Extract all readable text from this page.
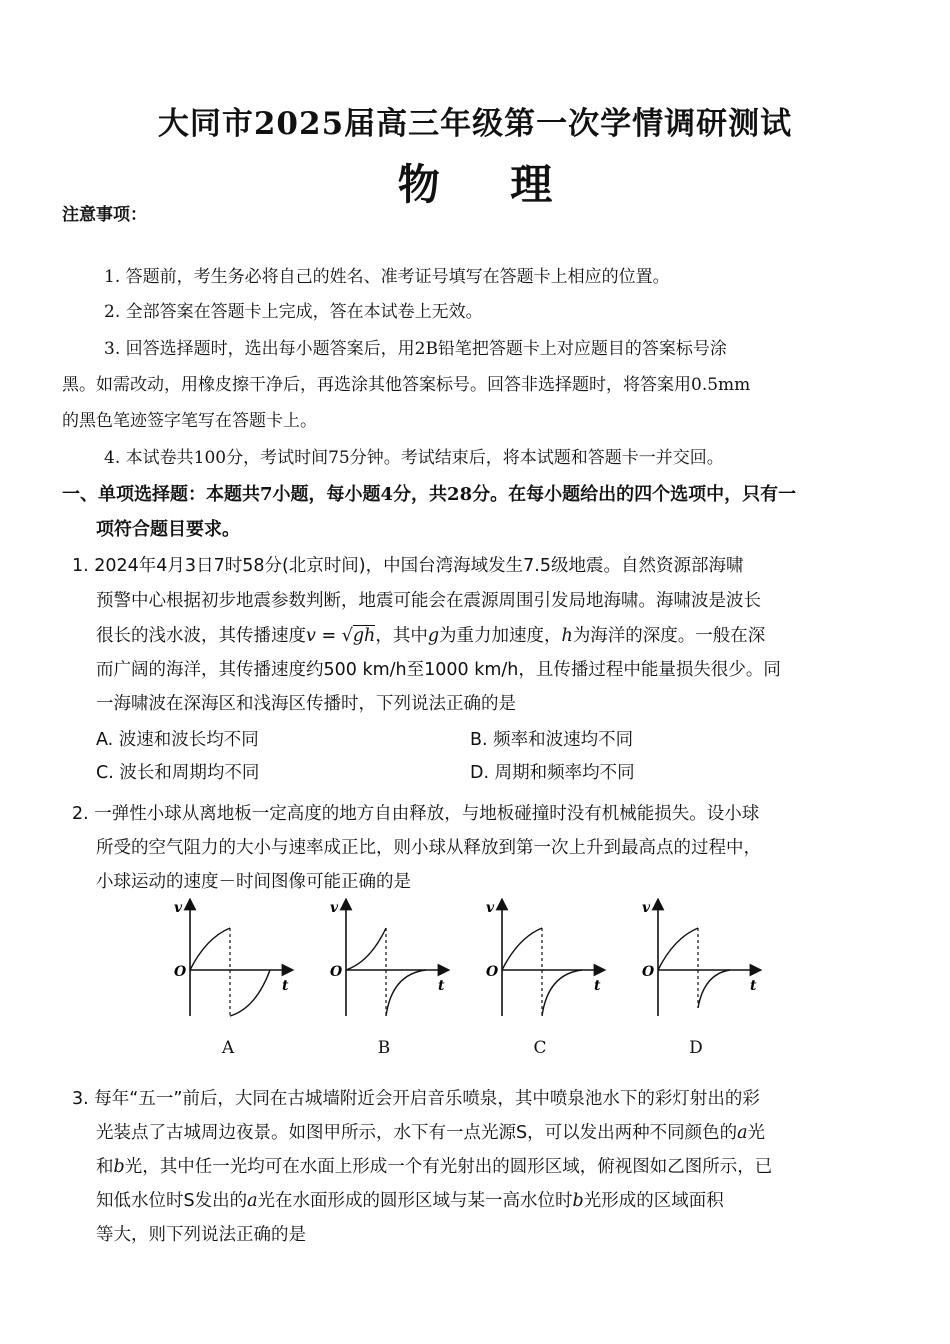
大同市2025届高三年级第一次学情调研测试
物 理
注意事项：
1. 答题前，考生务必将自己的姓名、准考证号填写在答题卡上相应的位置。
2. 全部答案在答题卡上完成，答在本试卷上无效。
3. 回答选择题时，选出每小题答案后，用2B铅笔把答题卡上对应题目的答案标号涂
黑。如需改动，用橡皮擦干净后，再选涂其他答案标号。回答非选择题时，将答案用0.5mm
的黑色笔迹签字笔写在答题卡上。
4. 本试卷共100分，考试时间75分钟。考试结束后，将本试题和答题卡一并交回。
一、单项选择题：本题共7小题，每小题4分，共28分。在每小题给出的四个选项中，只有一
项符合题目要求。
1. 2024年4月3日7时58分(北京时间)，中国台湾海域发生7.5级地震。自然资源部海啸
预警中心根据初步地震参数判断，地震可能会在震源周围引发局地海啸。海啸波是波长
很长的浅水波，其传播速度v = √gh，其中g为重力加速度，h为海洋的深度。一般在深
而广阔的海洋，其传播速度约500 km/h至1000 km/h，且传播过程中能量损失很少。同
一海啸波在深海区和浅海区传播时，下列说法正确的是
A. 波速和波长均不同	B. 频率和波速均不同
C. 波长和周期均不同	D. 周期和频率均不同
2. 一弹性小球从离地板一定高度的地方自由释放，与地板碰撞时没有机械能损失。设小球
所受的空气阻力的大小与速率成正比，则小球从释放到第一次上升到最高点的过程中，
小球运动的速度－时间图像可能正确的是
v
t
O
A
v
t
O
B
v
t
O
C
v
t
O
D
3. 每年“五一”前后，大同在古城墙附近会开启音乐喷泉，其中喷泉池水下的彩灯射出的彩
光装点了古城周边夜景。如图甲所示，水下有一点光源S，可以发出两种不同颜色的a光
和b光，其中任一光均可在水面上形成一个有光射出的圆形区域，俯视图如乙图所示，已
知低水位时S发出的a光在水面形成的圆形区域与某一高水位时b光形成的区域面积
等大，则下列说法正确的是
